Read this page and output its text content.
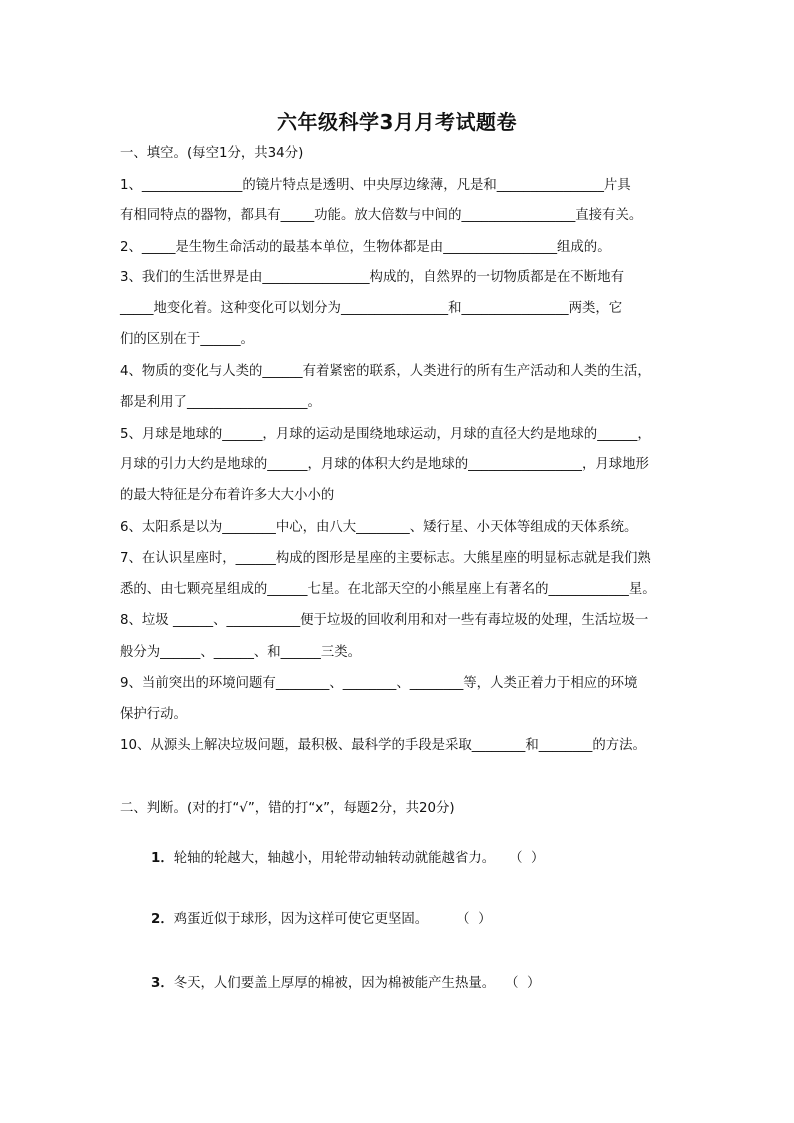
六年级科学3月月考试题卷
一、填空。(每空1分，共34分)
1、_______________的镜片特点是透明、中央厚边缘薄，凡是和________________片具
有相同特点的器物，都具有_____功能。放大倍数与中间的_________________直接有关。
2、_____是生物生命活动的最基本单位，生物体都是由_________________组成的。
3、我们的生活世界是由________________构成的，自然界的一切物质都是在不断地有
_____地变化着。这种变化可以划分为________________和________________两类，它
们的区别在于______。
4、物质的变化与人类的______有着紧密的联系，人类进行的所有生产活动和人类的生活，
都是利用了__________________。
5、月球是地球的______，月球的运动是围绕地球运动，月球的直径大约是地球的______，
月球的引力大约是地球的______，月球的体积大约是地球的_________________，月球地形
的最大特征是分布着许多大大小小的
6、太阳系是以为________中心，由八大________、矮行星、小天体等组成的天体系统。
7、在认识星座时，______构成的图形是星座的主要标志。大熊星座的明显标志就是我们熟
悉的、由七颗亮星组成的______七星。在北部天空的小熊星座上有著名的____________星。
8、垃圾 ______、___________便于垃圾的回收利用和对一些有毒垃圾的处理，生活垃圾一
般分为______、______、和______三类。
9、当前突出的环境问题有________、________、________等，人类正着力于相应的环境
保护行动。
10、从源头上解决垃圾问题，最积极、最科学的手段是采取________和________的方法。
二、判断。(对的打“√”，错的打“x”，每题2分，共20分)

1．轮轴的轮越大，轴越小，用轮带动轴转动就能越省力。 （  ）

2．鸡蛋近似于球形，因为这样可使它更坚固。 （  ）

3．冬天，人们要盖上厚厚的棉被，因为棉被能产生热量。 （  ）
